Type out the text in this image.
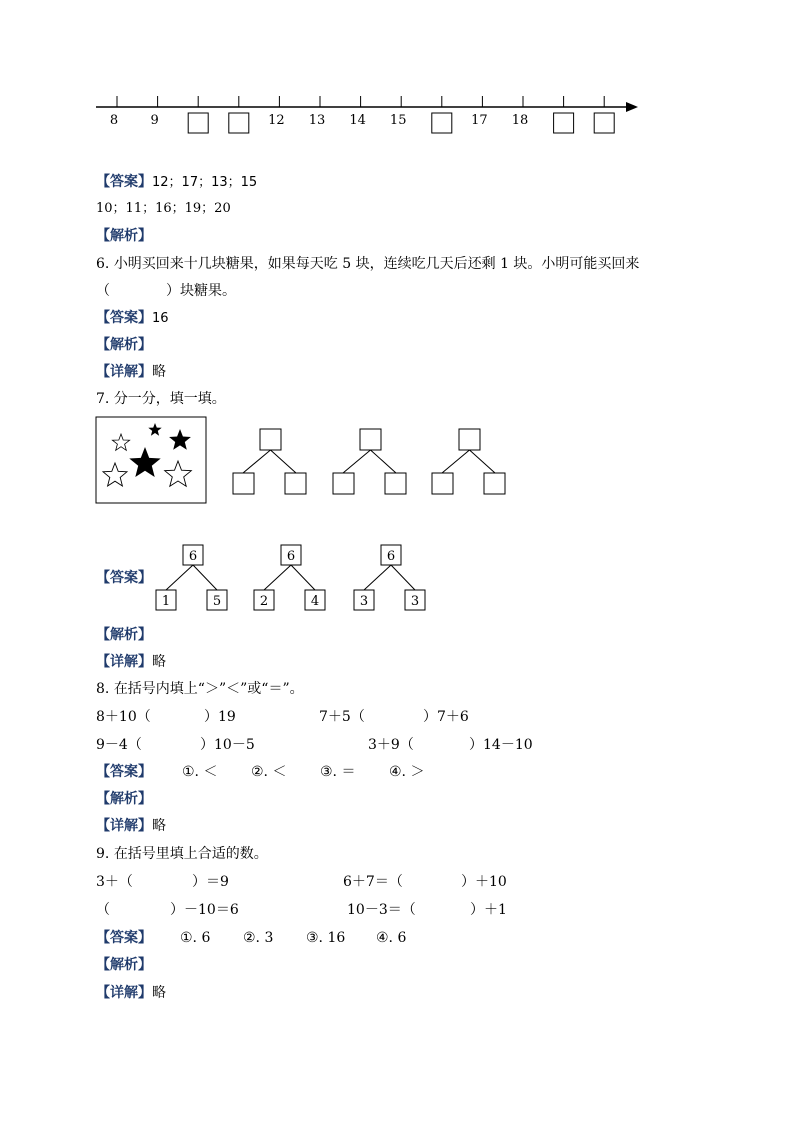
8 9	12 13 14 15	17 18
【答案】12；17；13；15
10；11；16；19；20
【解析】
6. 小明买回来十几块糖果，如果每天吃 5 块，连续吃几天后还剩 1 块。小明可能买回来
（　　　　）块糖果。
【答案】16
【解析】
【详解】略
7. 分一分，填一填。
【答案】
6
1	5
6
2	4
6
3	3
【解析】
【详解】略
8. 在括号内填上“＞”＜”或“＝”。
8＋10（	）19	7＋5（	）7＋6
9－4（	）10－5	3＋9（	）14－10
【答案】 ①. ＜ ②. ＜ ③. ＝ ④. ＞
【解析】
【详解】略
9. 在括号里填上合适的数。
3＋（	）＝9	6＋7＝（	）＋10
（	）－10＝6	10－3＝（	）＋1
【答案】 ①. 6 ②. 3 ③. 16 ④. 6
【解析】
【详解】略
